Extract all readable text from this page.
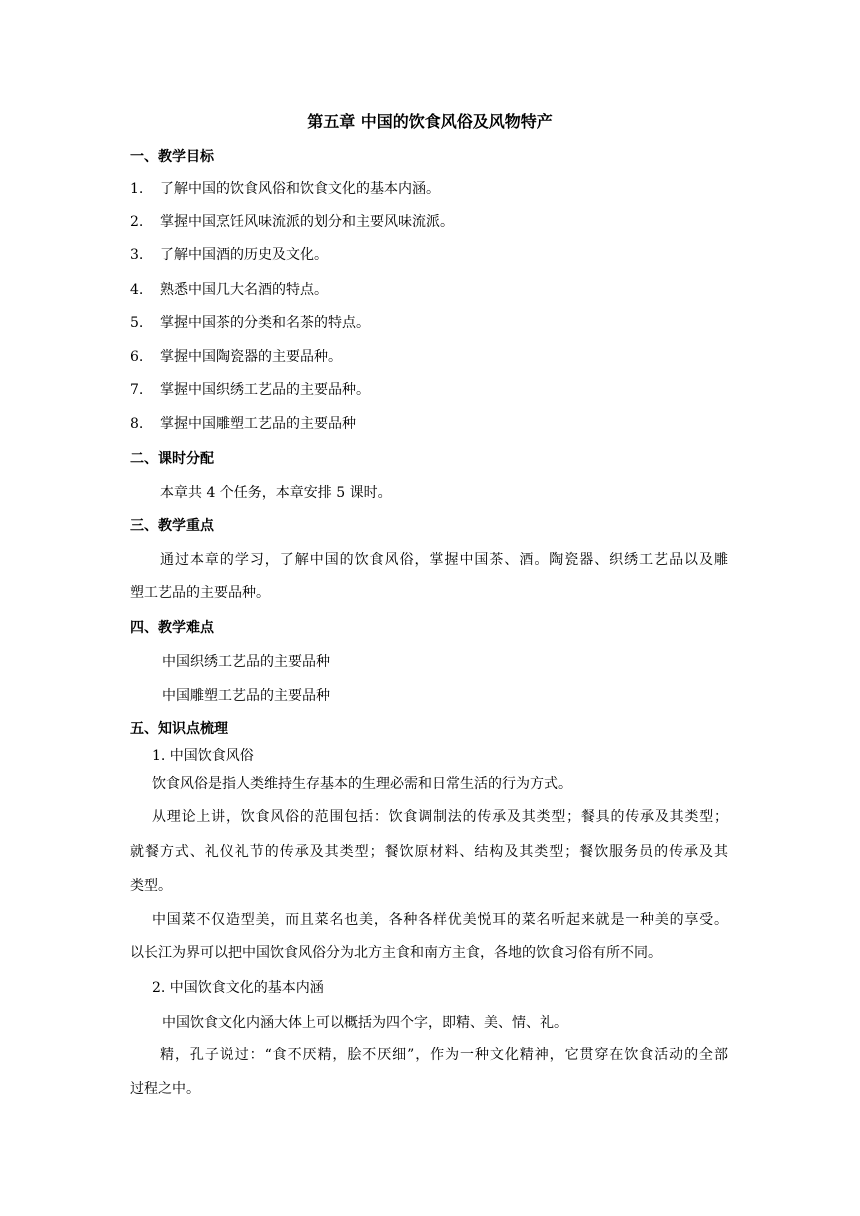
第五章 中国的饮食风俗及风物特产
一、教学目标
1. 了解中国的饮食风俗和饮食文化的基本内涵。
2. 掌握中国烹饪风味流派的划分和主要风味流派。
3. 了解中国酒的历史及文化。
4. 熟悉中国几大名酒的特点。
5. 掌握中国茶的分类和名茶的特点。
6. 掌握中国陶瓷器的主要品种。
7. 掌握中国织绣工艺品的主要品种。
8. 掌握中国雕塑工艺品的主要品种
二、课时分配
本章共 4 个任务，本章安排 5 课时。
三、教学重点
通过本章的学习，了解中国的饮食风俗，掌握中国茶、酒。陶瓷器、织绣工艺品以及雕
塑工艺品的主要品种。
四、教学难点
中国织绣工艺品的主要品种
中国雕塑工艺品的主要品种
五、知识点梳理
1. 中国饮食风俗
饮食风俗是指人类维持生存基本的生理必需和日常生活的行为方式。
从理论上讲，饮食风俗的范围包括：饮食调制法的传承及其类型；餐具的传承及其类型；
就餐方式、礼仪礼节的传承及其类型；餐饮原材料、结构及其类型；餐饮服务员的传承及其
类型。
中国菜不仅造型美，而且菜名也美，各种各样优美悦耳的菜名听起来就是一种美的享受。
以长江为界可以把中国饮食风俗分为北方主食和南方主食，各地的饮食习俗有所不同。
2. 中国饮食文化的基本内涵
中国饮食文化内涵大体上可以概括为四个字，即精、美、情、礼。
精，孔子说过：“食不厌精，脍不厌细”，作为一种文化精神，它贯穿在饮食活动的全部
过程之中。
